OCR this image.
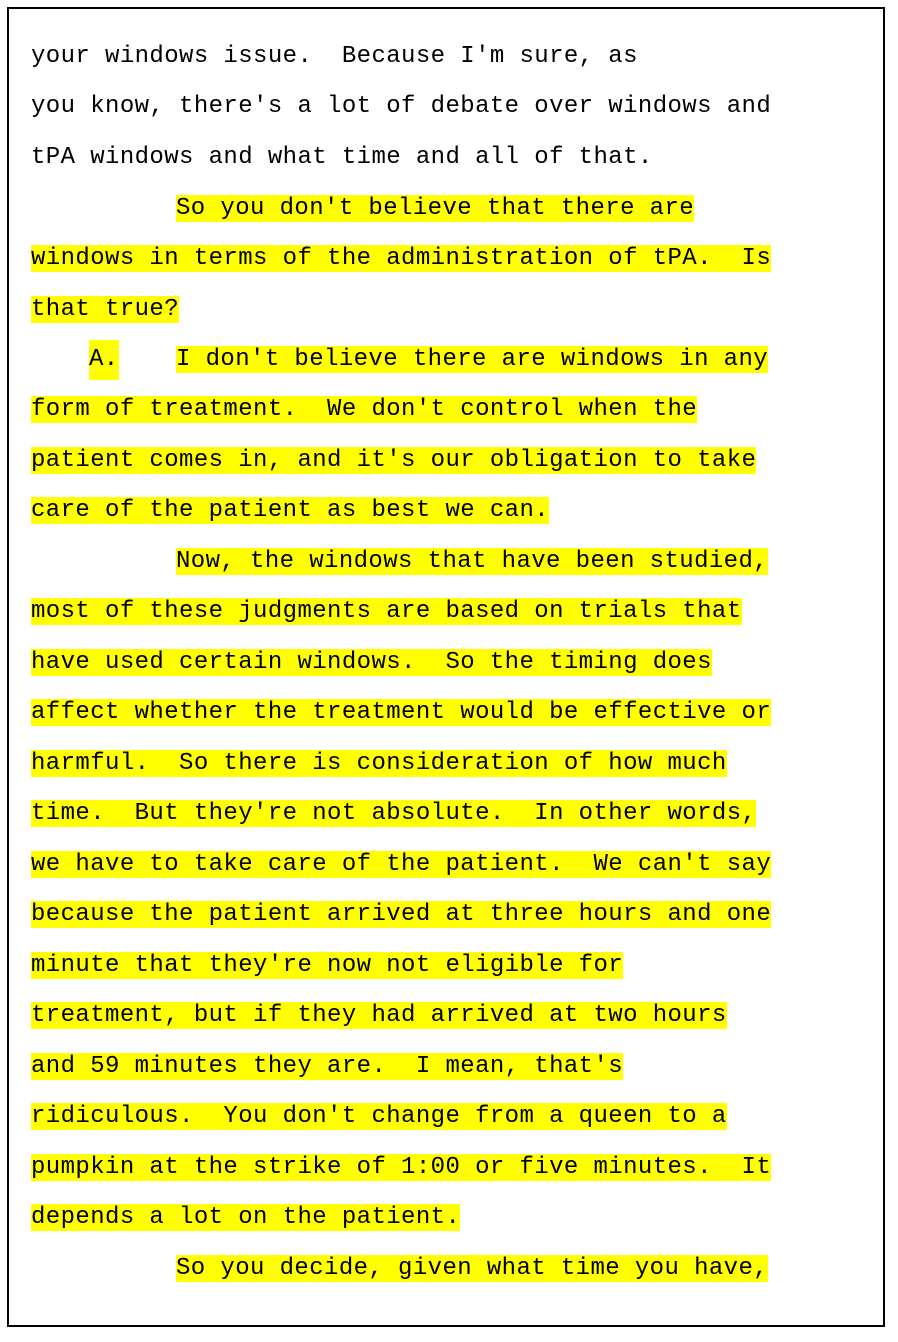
your windows issue.  Because I'm sure, as
you know, there's a lot of debate over windows and
tPA windows and what time and all of that.
So you don't believe that there are
windows in terms of the administration of tPA.  Is
that true?
A. I don't believe there are windows in any
form of treatment.  We don't control when the
patient comes in, and it's our obligation to take
care of the patient as best we can.
Now, the windows that have been studied,
most of these judgments are based on trials that
have used certain windows.  So the timing does
affect whether the treatment would be effective or
harmful.  So there is consideration of how much
time.  But they're not absolute.  In other words,
we have to take care of the patient.  We can't say
because the patient arrived at three hours and one
minute that they're now not eligible for
treatment, but if they had arrived at two hours
and 59 minutes they are.  I mean, that's
ridiculous.  You don't change from a queen to a
pumpkin at the strike of 1:00 or five minutes.  It
depends a lot on the patient.
So you decide, given what time you have,
